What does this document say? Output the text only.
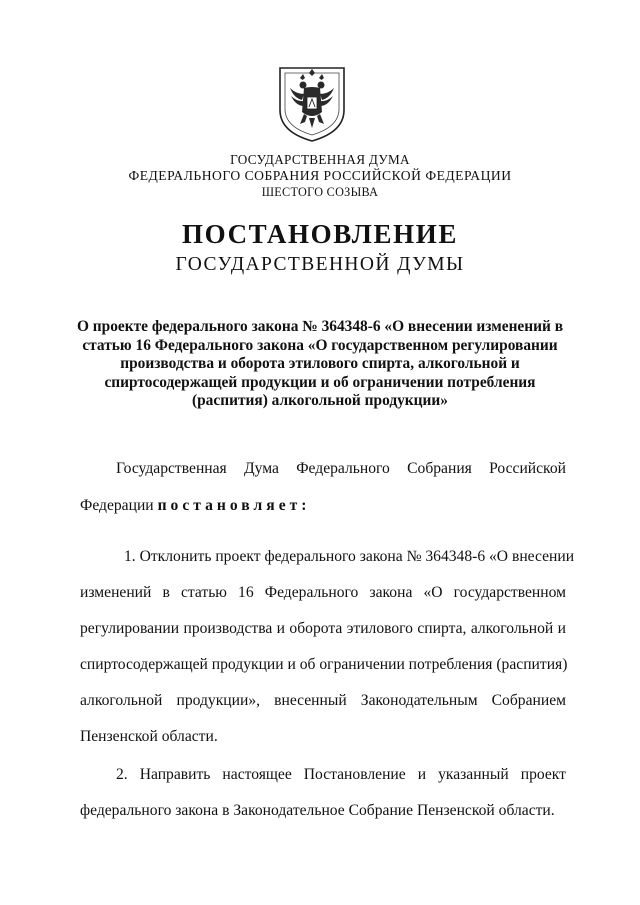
ГОСУДАРСТВЕННАЯ ДУМА
ФЕДЕРАЛЬНОГО СОБРАНИЯ РОССИЙСКОЙ ФЕДЕРАЦИИ
ШЕСТОГО СОЗЫВА
ПОСТАНОВЛЕНИЕ
ГОСУДАРСТВЕННОЙ ДУМЫ
О проекте федерального закона № 364348-6 «О внесении изменений в
статью 16 Федерального закона «О государственном регулировании
производства и оборота этилового спирта, алкогольной и
спиртосодержащей продукции и об ограничении потребления
(распития) алкогольной продукции»
Государственная Дума Федерального Собрания Российской
Федерации постановляет:
1. Отклонить проект федерального закона № 364348-6 «О внесении
изменений в статью 16 Федерального закона «О государственном
регулировании производства и оборота этилового спирта, алкогольной и
спиртосодержащей продукции и об ограничении потребления (распития)
алкогольной продукции», внесенный Законодательным Собранием
Пензенской области.
2. Направить настоящее Постановление и указанный проект
федерального закона в Законодательное Собрание Пензенской области.
